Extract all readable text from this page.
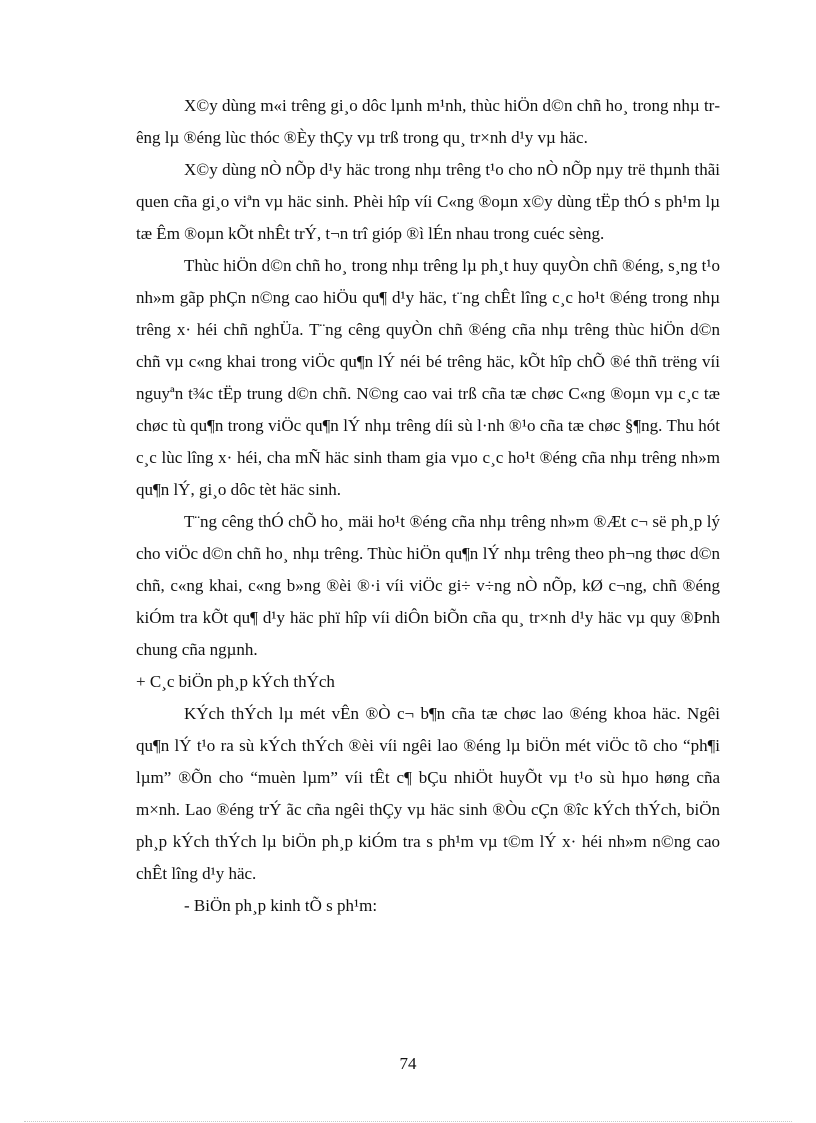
X©y dùng m«i trêng gi¸o dôc lµnh m¹nh, thùc hiÖn d©n chñ ho¸ trong nhµ trêng lµ ®éng lùc thóc ®Èy thÇy vµ trß trong qu¸ tr×nh d¹y vµ häc.

X©y dùng nÒ nÕp d¹y häc trong nhµ trêng t¹o cho nÒ nÕp nµy trë thµnh thãi quen cña gi¸o viªn vµ häc sinh. Phèi hîp víi C«ng ®oµn x©y dùng tËp thÓ s ph¹m lµ tæ Êm ®oµn kÕt nhÊt trÝ, t¬n trî gióp ®ì lÉn nhau trong cuéc sèng.

Thùc hiÖn d©n chñ ho¸ trong nhµ trêng lµ ph¸t huy quyÒn chñ ®éng, s¸ng t¹o nh»m gãp phÇn n©ng cao hiÖu qu¶ d¹y häc, t¨ng chÊt lîng c¸c ho¹t ®éng trong nhµ trêng x· héi chñ nghÜa. T¨ng cêng quyÒn chñ ®éng cña nhµ trêng thùc hiÖn d©n chñ vµ c«ng khai trong viÖc qu¶n lÝ néi bé trêng häc, kÕt hîp chÕ ®é thñ trëng víi nguyªn t¾c tËp trung d©n chñ. N©ng cao vai trß cña tæ chøc C«ng ®oµn vµ c¸c tæ chøc tù qu¶n trong viÖc qu¶n lÝ nhµ trêng díi sù l·nh ®¹o cña tæ chøc §¶ng. Thu hót c¸c lùc lîng x· héi, cha mÑ häc sinh tham gia vµo c¸c ho¹t ®éng cña nhµ trêng nh»m qu¶n lÝ, gi¸o dôc tèt häc sinh.

T¨ng cêng thÓ chÕ ho¸ mäi ho¹t ®éng cña nhµ trêng nh»m ®Æt c¬ së ph¸p lý cho viÖc d©n chñ ho¸ nhµ trêng. Thùc hiÖn qu¶n lÝ nhµ trêng theo ph¬ng thøc d©n chñ, c«ng khai, c«ng b»ng ®èi ®·i víi viÖc gi÷ v÷ng nÒ nÕp, kØ c¬ng, chñ ®éng kiÓm tra kÕt qu¶ d¹y häc phï hîp víi diÔn biÕn cña qu¸ tr×nh d¹y häc vµ quy ®Þnh chung cña ngµnh.

+ C¸c biÖn ph¸p kÝch thÝch

KÝch thÝch lµ mét vÊn ®Ò c¬ b¶n cña tæ chøc lao ®éng khoa häc. Ngêi qu¶n lÝ t¹o ra sù kÝch thÝch ®èi víi ngêi lao ®éng lµ biÖn mét viÖc tõ cho “ph¶i lµm” ®Õn cho “muèn lµm” víi tÊt c¶ bÇu nhiÖt huyÕt vµ t¹o sù hµo høng cña m×nh. Lao ®éng trÝ ãc cña ngêi thÇy vµ häc sinh ®Òu cÇn ®îc kÝch thÝch, biÖn ph¸p kÝch thÝch lµ biÖn ph¸p kiÓm tra s ph¹m vµ t©m lÝ x· héi nh»m n©ng cao chÊt lîng d¹y häc.

- BiÖn ph¸p kinh tÕ s ph¹m:

74
